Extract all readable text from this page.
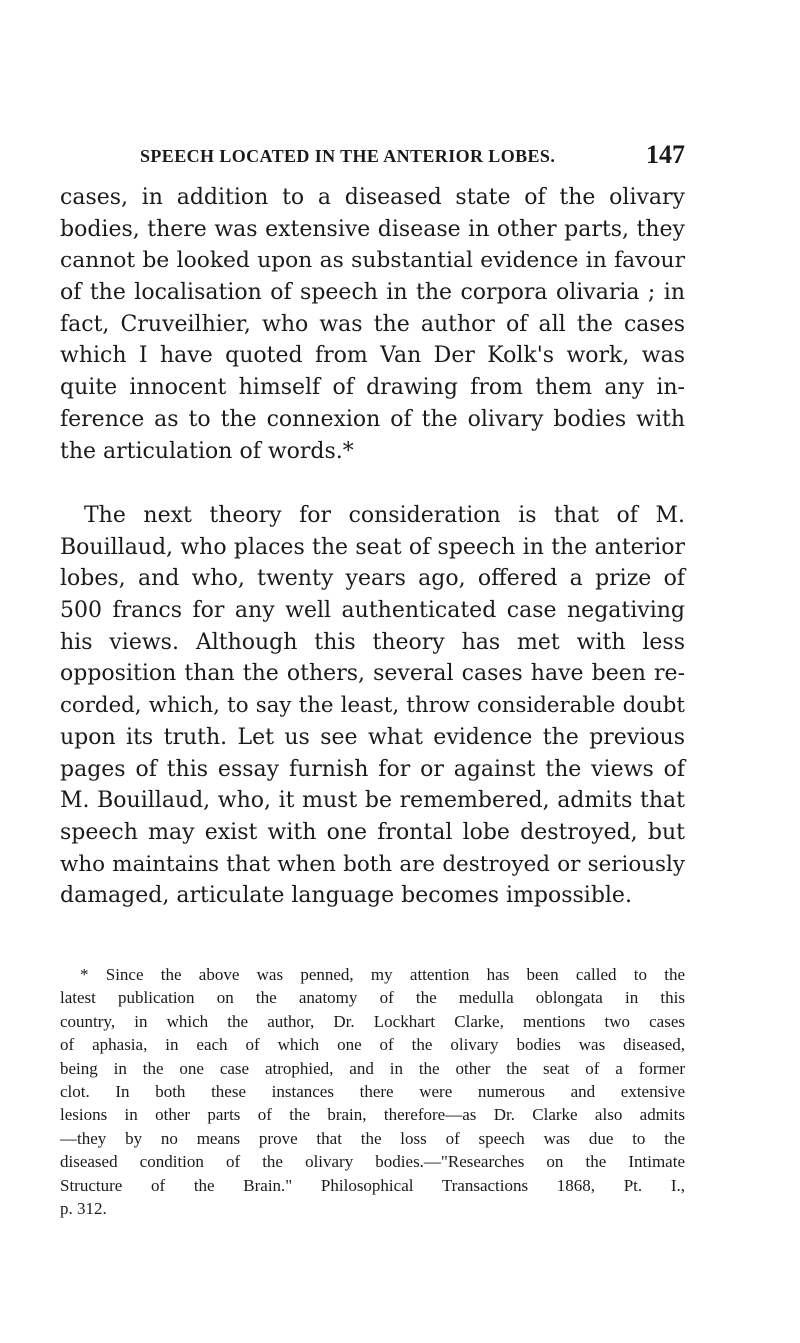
SPEECH LOCATED IN THE ANTERIOR LOBES.	147
cases, in addition to a diseased state of the olivary
bodies, there was extensive disease in other parts, they
cannot be looked upon as substantial evidence in favour
of the localisation of speech in the corpora olivaria ; in
fact, Cruveilhier, who was the author of all the cases
which I have quoted from Van Der Kolk's work, was
quite innocent himself of drawing from them any in-
ference as to the connexion of the olivary bodies with
the articulation of words.*
The next theory for consideration is that of M.
Bouillaud, who places the seat of speech in the anterior
lobes, and who, twenty years ago, offered a prize of
500 francs for any well authenticated case negativing
his views. Although this theory has met with less
opposition than the others, several cases have been re-
corded, which, to say the least, throw considerable doubt
upon its truth. Let us see what evidence the previous
pages of this essay furnish for or against the views of
M. Bouillaud, who, it must be remembered, admits that
speech may exist with one frontal lobe destroyed, but
who maintains that when both are destroyed or seriously
damaged, articulate language becomes impossible.
* Since the above was penned, my attention has been called to the
latest publication on the anatomy of the medulla oblongata in this
country, in which the author, Dr. Lockhart Clarke, mentions two cases
of aphasia, in each of which one of the olivary bodies was diseased,
being in the one case atrophied, and in the other the seat of a former
clot. In both these instances there were numerous and extensive
lesions in other parts of the brain, therefore—as Dr. Clarke also admits
—they by no means prove that the loss of speech was due to the
diseased condition of the olivary bodies.—"Researches on the Intimate
Structure of the Brain." Philosophical Transactions 1868, Pt. I.,
p. 312.
